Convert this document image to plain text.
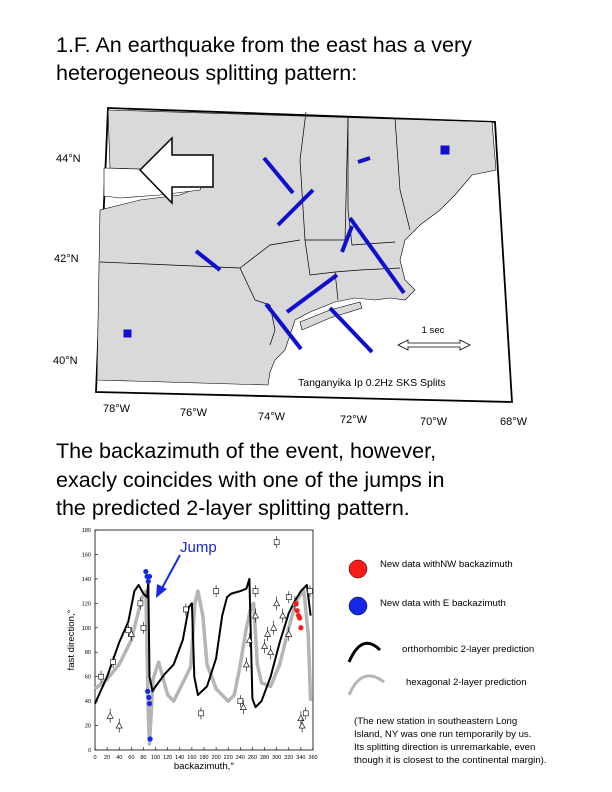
1.F. An earthquake from the east has a very
heterogeneous splitting pattern:
1 sec
Tanganyika Ip 0.2Hz SKS Splits
44°N
42°N
40°N
78°W	76°W	74°W	72°W	70°W	68°W
0 20 40 60 80 100 120 140 160 180 200 220 240 260 280 300 320 340 360
0
20
40
60
80
100
120
140
160
180
backazimuth,°
fast direction,°
Jump
New data withNW backazimuth
New data with E backazimuth
orthorhombic 2-layer prediction
hexagonal 2-layer prediction
The backazimuth of the event, however,
exacly coincides with one of the jumps in
the predicted 2-layer splitting pattern.
(The new station in southeastern Long
Island, NY was one run temporarily by us.
Its splitting direction is unremarkable, even
though it is closest to the continental margin).
